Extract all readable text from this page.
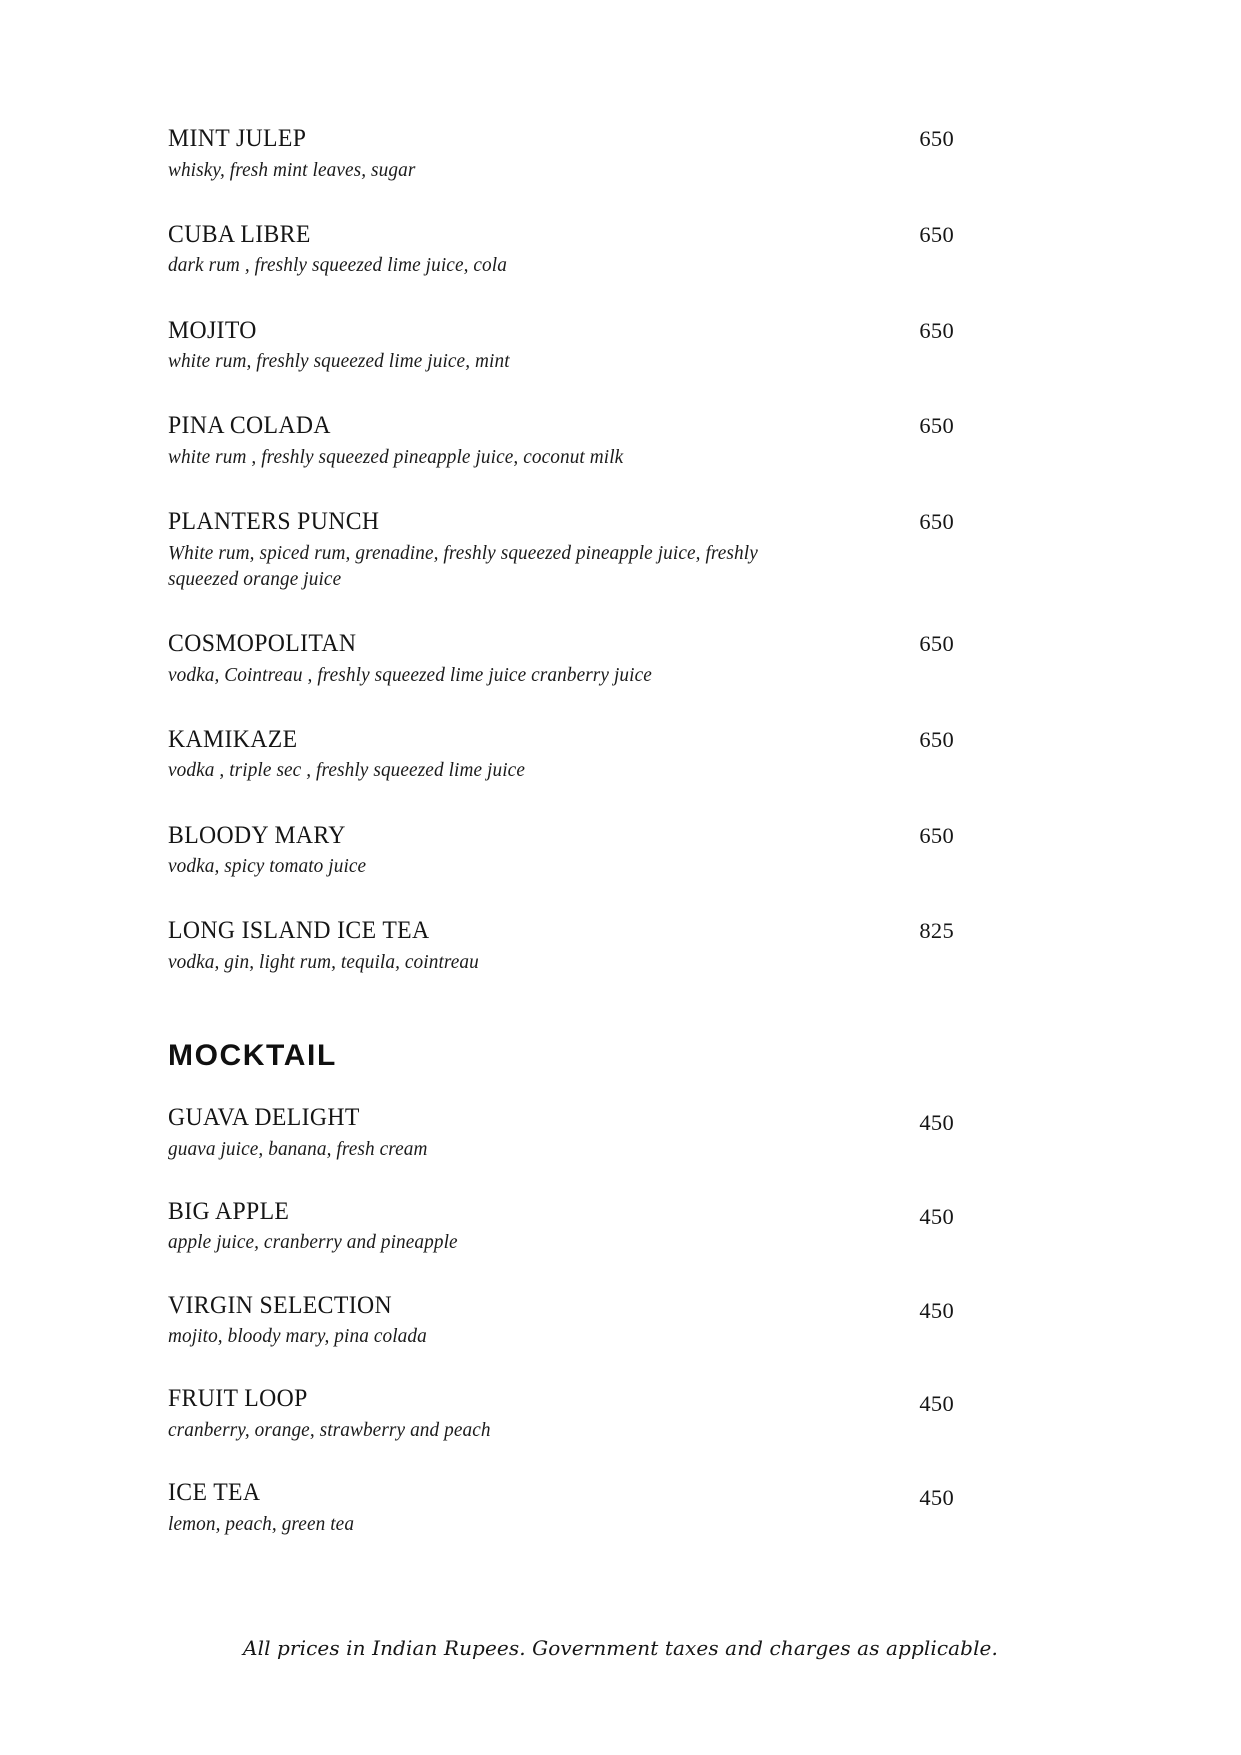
MINT JULEP	650
whisky, fresh mint leaves, sugar
CUBA LIBRE	650
dark rum , freshly squeezed lime juice, cola
MOJITO	650
white rum, freshly squeezed lime juice, mint
PINA COLADA	650
white rum , freshly squeezed pineapple juice, coconut milk
PLANTERS PUNCH	650
White rum, spiced rum, grenadine, freshly squeezed pineapple juice, freshly squeezed orange juice
COSMOPOLITAN	650
vodka, Cointreau , freshly squeezed lime juice cranberry juice
KAMIKAZE	650
vodka , triple sec , freshly squeezed lime juice
BLOODY MARY	650
vodka, spicy tomato juice
LONG ISLAND ICE TEA	825
vodka, gin, light rum, tequila, cointreau
MOCKTAIL
GUAVA DELIGHT	450
guava juice, banana, fresh cream
BIG APPLE	450
apple juice, cranberry and pineapple
VIRGIN SELECTION	450
mojito, bloody mary, pina colada
FRUIT LOOP	450
cranberry, orange, strawberry and peach
ICE TEA	450
lemon, peach, green tea
All prices in Indian Rupees. Government taxes and charges as applicable.
